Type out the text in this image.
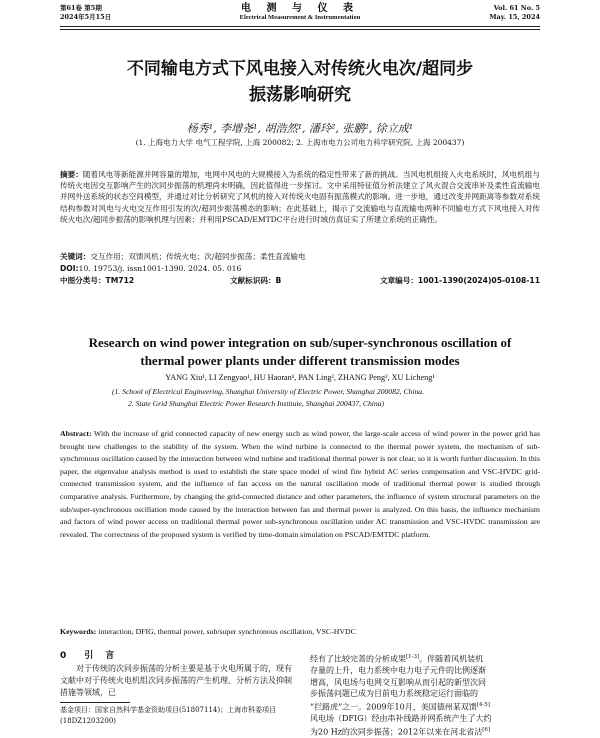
第61卷 第5期
2024年5月15日
电 测 与 仪 表
Electrical Measurement & Instrumentation
Vol. 61 No. 5
May. 15, 2024
不同输电方式下风电接入对传统火电次/超同步
振荡影响研究
杨秀¹, 李增尧¹, 胡浩然¹, 潘玲², 张鹏², 徐立成¹
(1. 上海电力大学 电气工程学院, 上海 200082; 2. 上海市电力公司电力科学研究院, 上海 200437)
摘要：随着风电等新能源并网容量的增加，电网中风电的大规模接入为系统的稳定性带来了新的挑战。当风电机组接入火电系统时，风电机组与传统火电因交互影响产生的次同步振荡的机理尚未明确，因此值得进一步探讨。文中采用特征值分析法建立了风火混合交流串补及柔性直流输电并网外送系统的状态空间模型，并通过对比分析研究了风机的接入对传统火电固有振荡模式的影响。进一步地，通过改变并网距离等参数对系统结构参数对风电与火电交互作用引发的次/超同步振荡模态的影响；在此基础上，揭示了交流输电与直流输电两种不同输电方式下风电接入对传统火电次/超同步振荡的影响机理与因素；并利用PSCAD/EMTDC平台进行时域仿真证实了所建立系统的正确性。
关键词：交互作用；双馈风机；传统火电；次/超同步振荡；柔性直流输电
DOI:10. 19753/j. issn1001-1390. 2024. 05. 016
中图分类号：TM712	文献标识码：B	文章编号：1001-1390(2024)05-0108-11
Research on wind power integration on sub/super-synchronous oscillation of
thermal power plants under different transmission modes
YANG Xiu¹, LI Zengyao¹, HU Haoran¹, PAN Ling², ZHANG Peng², XU Licheng¹
(1. School of Electrical Engineering, Shanghai University of Electric Power, Shanghai 200082, China.
2. State Grid Shanghai Electric Power Research Institute, Shanghai 200437, China)
Abstract: With the increase of grid connected capacity of new energy such as wind power, the large-scale access of wind power in the power grid has brought new challenges to the stability of the system. When the wind turbine is connected to the thermal power system, the mechanism of sub-synchronous oscillation caused by the interaction between wind turbine and traditional thermal power is not clear, so it is worth further discussion. In this paper, the eigenvalue analysis method is used to establish the state space model of wind fire hybrid AC series compensation and VSC-HVDC grid-connected transmission system, and the influence of fan access on the natural oscillation mode of traditional thermal power is studied through comparative analysis. Furthermore, by changing the grid-connected distance and other parameters, the influence of system structural parameters on the sub/super-synchronous oscillation mode caused by the interaction between fan and thermal power is analyzed. On this basis, the influence mechanism and factors of wind power access on traditional thermal power sub-synchronous oscillation under AC transmission and VSC-HVDC transmission are revealed. The correctness of the proposed system is verified by time-domain simulation on PSCAD/EMTDC platform.
Keywords: interaction, DFIG, thermal power, sub/super synchronous oscillation, VSC-HVDC
0 引言
对于传统的次同步振荡的分析主要是基于火电所属于的，现有文献中对于传统火电机组次同步振荡的产生机理、分析方法及抑制措施等领域，已
经有了比较完善的分析成果[1-3]。伴随着风机装机
存量的上升，电力系统中电力电子元件的比例逐渐
增高，风电场与电网交互影响从而引起的新型次同
步振荡问题已成为目前电力系统稳定运行面临的
“拦路虎”之一。2009年10月，美国德州某双馈[4-5]
风电场（DFIG）经由串补线路并网系统产生了大约
为20 Hz的次同步振荡；2012年以来在河北省沽[6]
基金项目：国家自然科学基金资助项目(51807114)；上海市科委项目(18DZ1203200)
